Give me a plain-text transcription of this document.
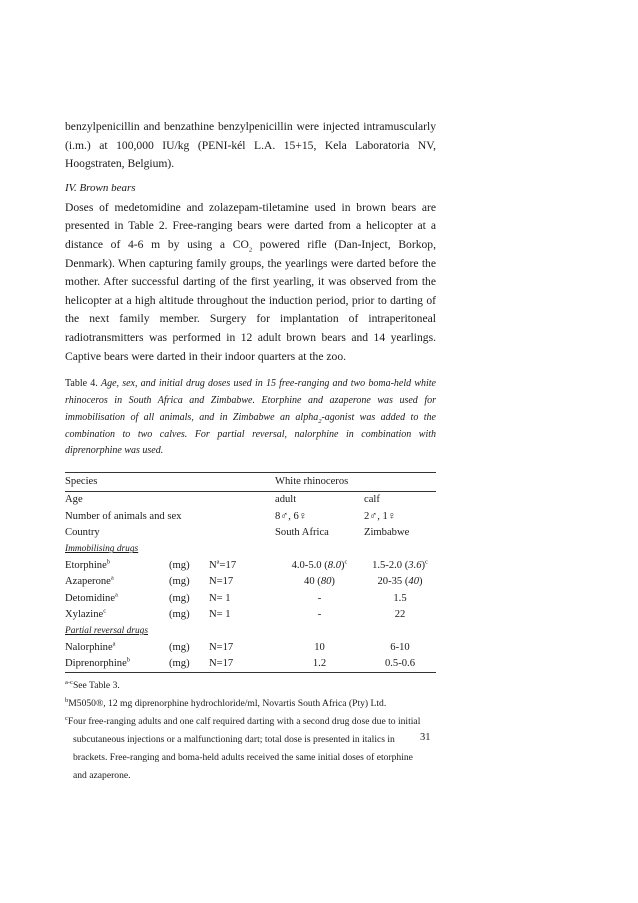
benzylpenicillin and benzathine benzylpenicillin were injected intramuscularly (i.m.) at 100,000 IU/kg (PENI-kél L.A. 15+15, Kela Laboratoria NV, Hoogstraten, Belgium).

IV. Brown bears

Doses of medetomidine and zolazepam-tiletamine used in brown bears are presented in Table 2. Free-ranging bears were darted from a helicopter at a distance of 4-6 m by using a $CO_2$ powered rifle (Dan-Inject, Borkop, Denmark). When capturing family groups, the yearlings were darted before the mother. After successful darting of the first yearling, it was observed from the helicopter at a high altitude throughout the induction period, prior to darting of the next family member. Surgery for implantation of intraperitoneal radiotransmitters was performed in 12 adult brown bears and 14 yearlings. Captive bears were darted in their indoor quarters at the zoo.

Table 4. Age, sex, and initial drug doses used in 15 free-ranging and two boma-held white rhinoceros in South Africa and Zimbabwe. Etorphine and azaperone was used for immobilisation of all animals, and in Zimbabwe an alpha$_2$-agonist was added to the combination to two calves. For partial reversal, nalorphine in combination with diprenorphine was used.

Species			White rhinoceros	
Age			adult	calf
Number of animals and sex			8♂, 6♀	2♂, 1♀
Country			South Africa	Zimbabwe
Immobilising drugs				
Etorphine$^b$	(mg)	$N^a=17$	4.0-5.0 $(8.0)^c$	1.5-2.0 $(3.6)^c$
Azaperone$^a$	(mg)	N=17	40 (80)	20-35 (40)
Detomidine$^a$	(mg)	N= 1	-	1.5
Xylazine$^c$	(mg)	N= 1	-	22
Partial reversal drugs				
Nalorphine$^a$	(mg)	N=17	10	6-10
Diprenorphine$^b$	(mg)	N=17	1.2	0.5-0.6

$^{a-c}$See Table 3.

$^b$M5050®, 12 mg diprenorphine hydrochloride/ml, Novartis South Africa (Pty) Ltd.

$^c$Four free-ranging adults and one calf required darting with a second drug dose due to initial

subcutaneous injections or a malfunctioning dart; total dose is presented in italics in

brackets. Free-ranging and boma-held adults received the same initial doses of etorphine

and azaperone.

31
